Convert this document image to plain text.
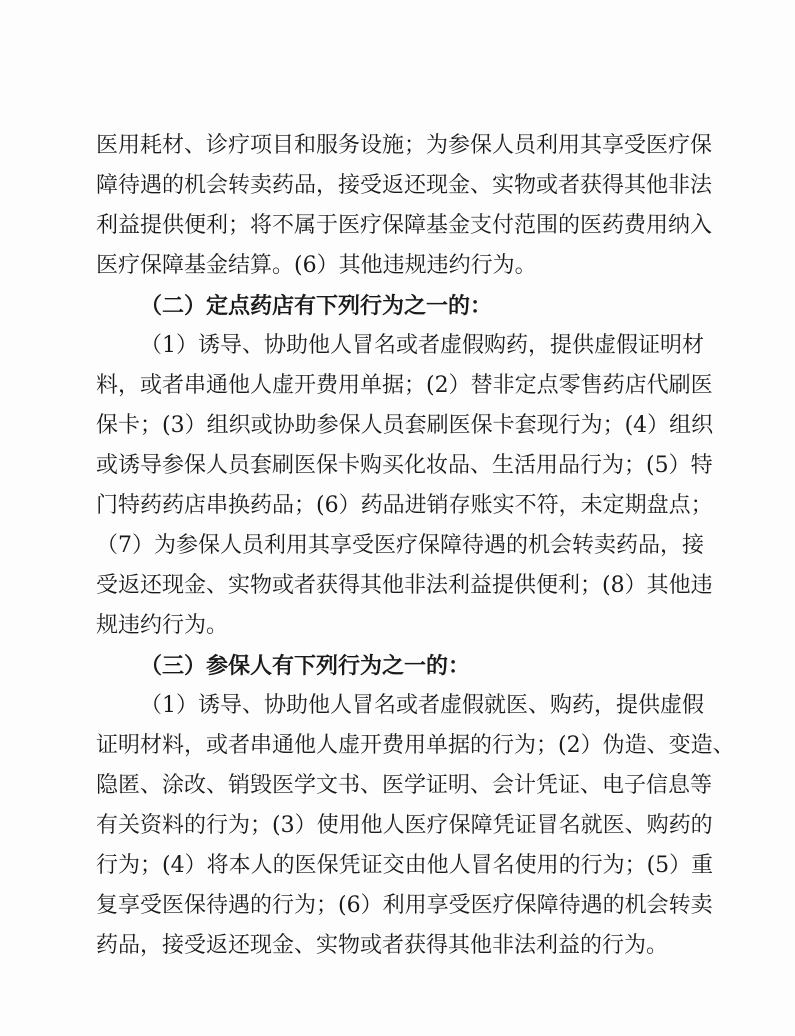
医用耗材、诊疗项目和服务设施；为参保人员利用其享受医疗保
障待遇的机会转卖药品，接受返还现金、实物或者获得其他非法
利益提供便利；将不属于医疗保障基金支付范围的医药费用纳入
医疗保障基金结算。(6）其他违规违约行为。
（二）定点药店有下列行为之一的：
（1）诱导、协助他人冒名或者虚假购药，提供虚假证明材
料，或者串通他人虚开费用单据；(2）替非定点零售药店代刷医
保卡；(3）组织或协助参保人员套刷医保卡套现行为；(4）组织
或诱导参保人员套刷医保卡购买化妆品、生活用品行为；(5）特
门特药药店串换药品；(6）药品进销存账实不符，未定期盘点；
（7）为参保人员利用其享受医疗保障待遇的机会转卖药品，接
受返还现金、实物或者获得其他非法利益提供便利；(8）其他违
规违约行为。
（三）参保人有下列行为之一的：
（1）诱导、协助他人冒名或者虚假就医、购药，提供虚假
证明材料，或者串通他人虚开费用单据的行为；(2）伪造、变造、
隐匿、涂改、销毁医学文书、医学证明、会计凭证、电子信息等
有关资料的行为；(3）使用他人医疗保障凭证冒名就医、购药的
行为；(4）将本人的医保凭证交由他人冒名使用的行为；(5）重
复享受医保待遇的行为；(6）利用享受医疗保障待遇的机会转卖
药品，接受返还现金、实物或者获得其他非法利益的行为。
